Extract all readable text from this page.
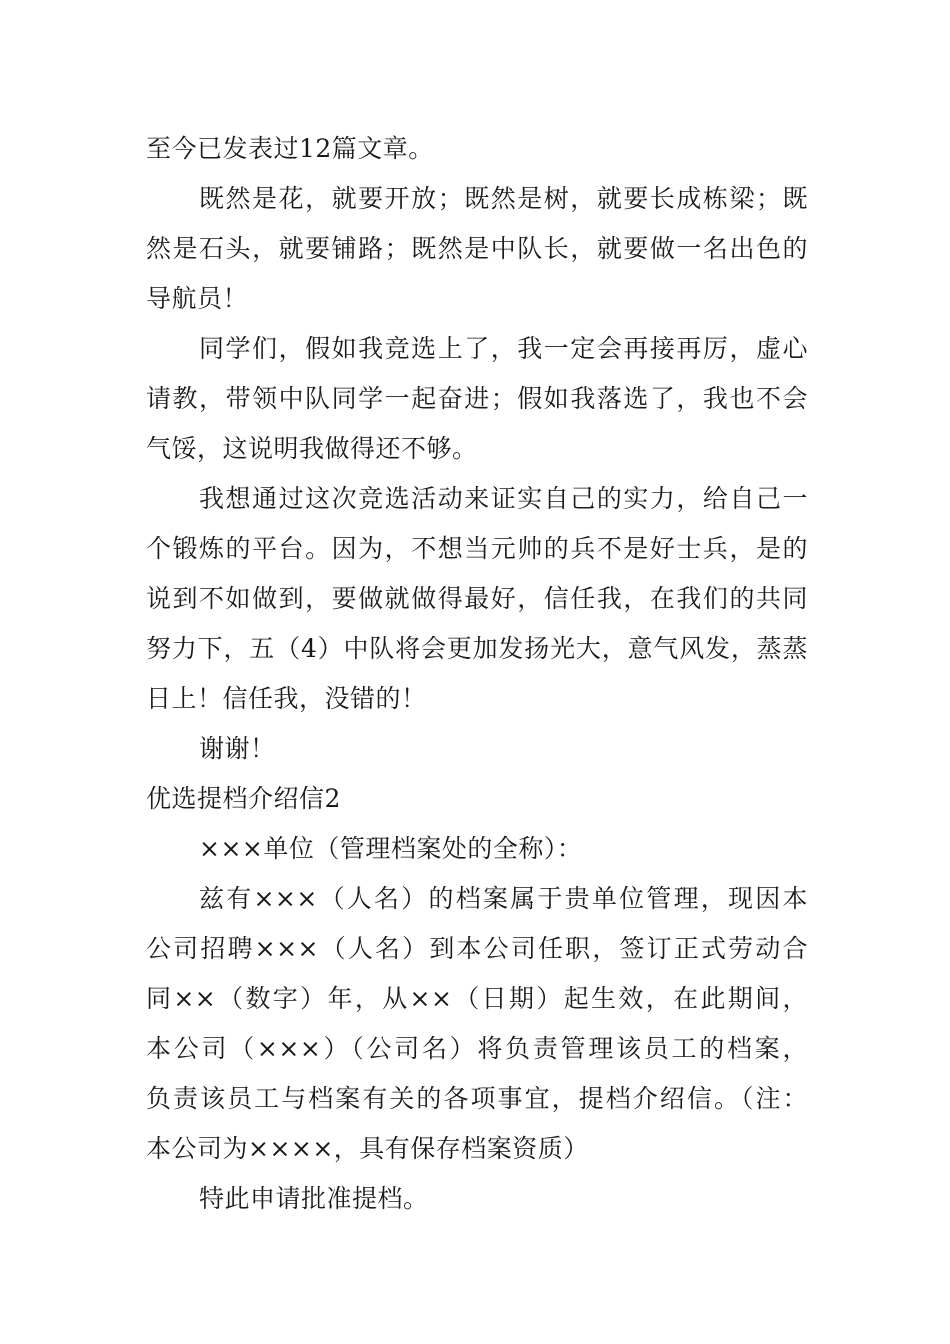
至今已发表过12篇文章。
既然是花，就要开放；既然是树，就要长成栋梁；既
然是石头，就要铺路；既然是中队长，就要做一名出色的
导航员！
同学们，假如我竞选上了，我一定会再接再厉，虚心
请教，带领中队同学一起奋进；假如我落选了，我也不会
气馁，这说明我做得还不够。
我想通过这次竞选活动来证实自己的实力，给自己一
个锻炼的平台。因为，不想当元帅的兵不是好士兵，是的
说到不如做到，要做就做得最好，信任我，在我们的共同
努力下，五（4）中队将会更加发扬光大，意气风发，蒸蒸
日上！信任我，没错的！
谢谢！
优选提档介绍信2
×××单位（管理档案处的全称）：
兹有×××（人名）的档案属于贵单位管理，现因本
公司招聘×××（人名）到本公司任职，签订正式劳动合
同××（数字）年，从××（日期）起生效，在此期间，
本公司（×××）（公司名）将负责管理该员工的档案，
负责该员工与档案有关的各项事宜，提档介绍信。（注：
本公司为××××，具有保存档案资质）
特此申请批准提档。
